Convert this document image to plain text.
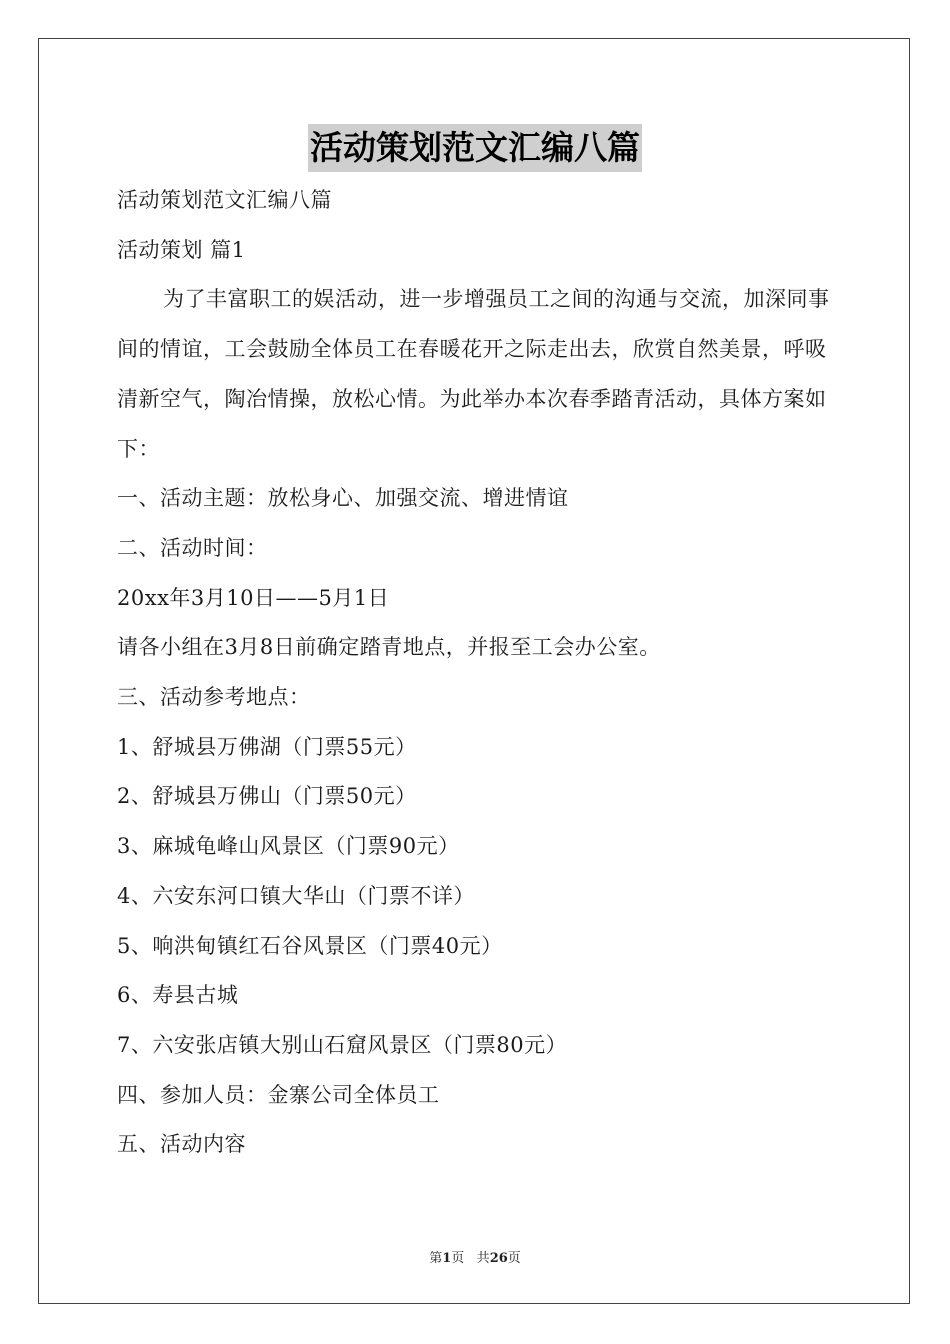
活动策划范文汇编八篇

活动策划范文汇编八篇

活动策划 篇1

为了丰富职工的娱活动，进一步增强员工之间的沟通与交流，加深同事间的情谊，工会鼓励全体员工在春暖花开之际走出去，欣赏自然美景，呼吸清新空气，陶冶情操，放松心情。为此举办本次春季踏青活动，具体方案如下：

一、活动主题：放松身心、加强交流、增进情谊

二、活动时间：

20xx年3月10日——5月1日

请各小组在3月8日前确定踏青地点，并报至工会办公室。

三、活动参考地点：

1、舒城县万佛湖（门票55元）

2、舒城县万佛山（门票50元）

3、麻城龟峰山风景区（门票90元）

4、六安东河口镇大华山（门票不详）

5、响洪甸镇红石谷风景区（门票40元）

6、寿县古城

7、六安张店镇大别山石窟风景区（门票80元）

四、参加人员：金寨公司全体员工

五、活动内容

第1页 共26页
